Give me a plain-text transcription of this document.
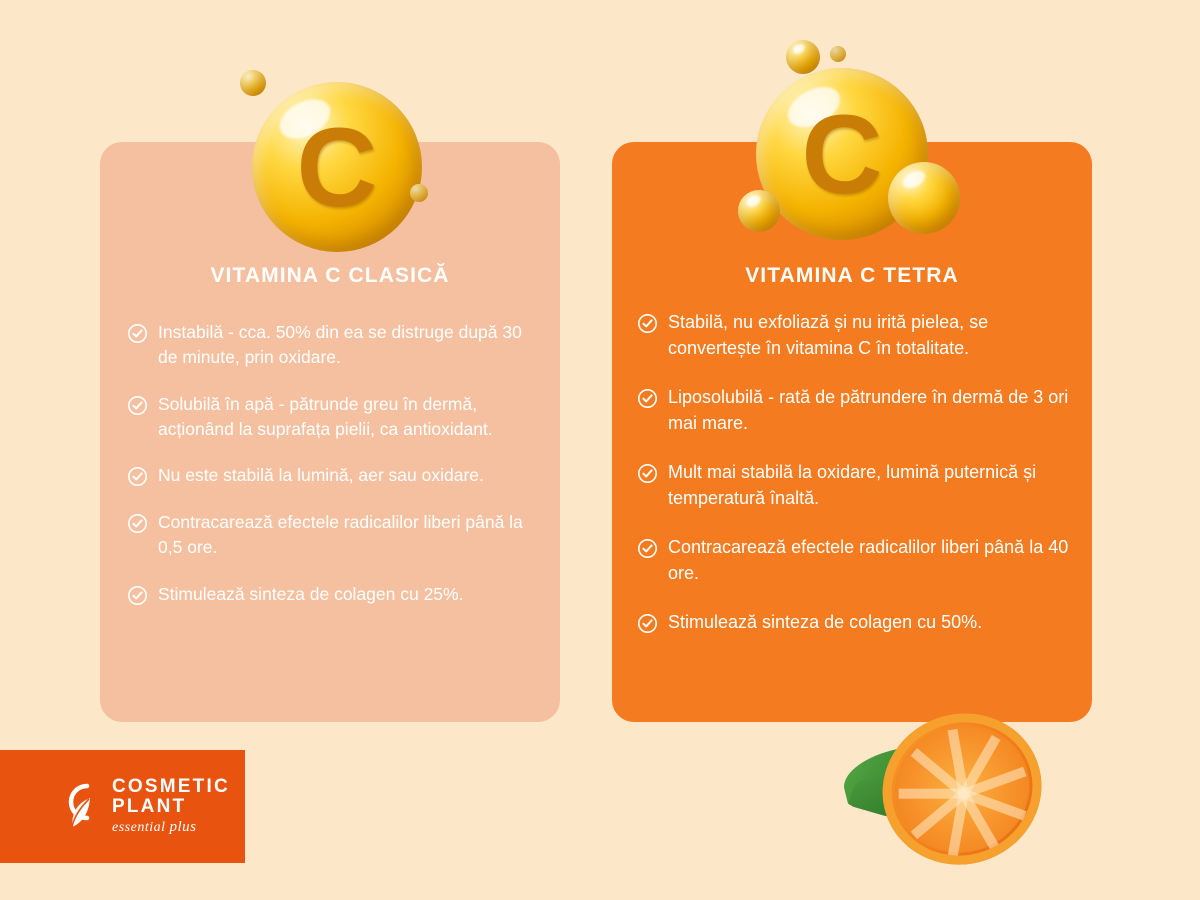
VITAMINA C CLASICĂ
Instabilă - cca. 50% din ea se distruge după 30 de minute, prin oxidare.
Solubilă în apă - pătrunde greu în dermă, acționând la suprafața pielii, ca antioxidant.
Nu este stabilă la lumină, aer sau oxidare.
Contracarează efectele radicalilor liberi până la 0,5 ore.
Stimulează sinteza de colagen cu 25%.
VITAMINA C TETRA
Stabilă, nu exfoliază și nu irită pielea, se convertește în vitamina C în totalitate.
Liposolubilă - rată de pătrundere în dermă de 3 ori mai mare.
Mult mai stabilă la oxidare, lumină puternică și temperatură înaltă.
Contracarează efectele radicalilor liberi până la 40 ore.
Stimulează sinteza de colagen cu 50%.
C	C
COSMETIC
PLANT
essential plus
